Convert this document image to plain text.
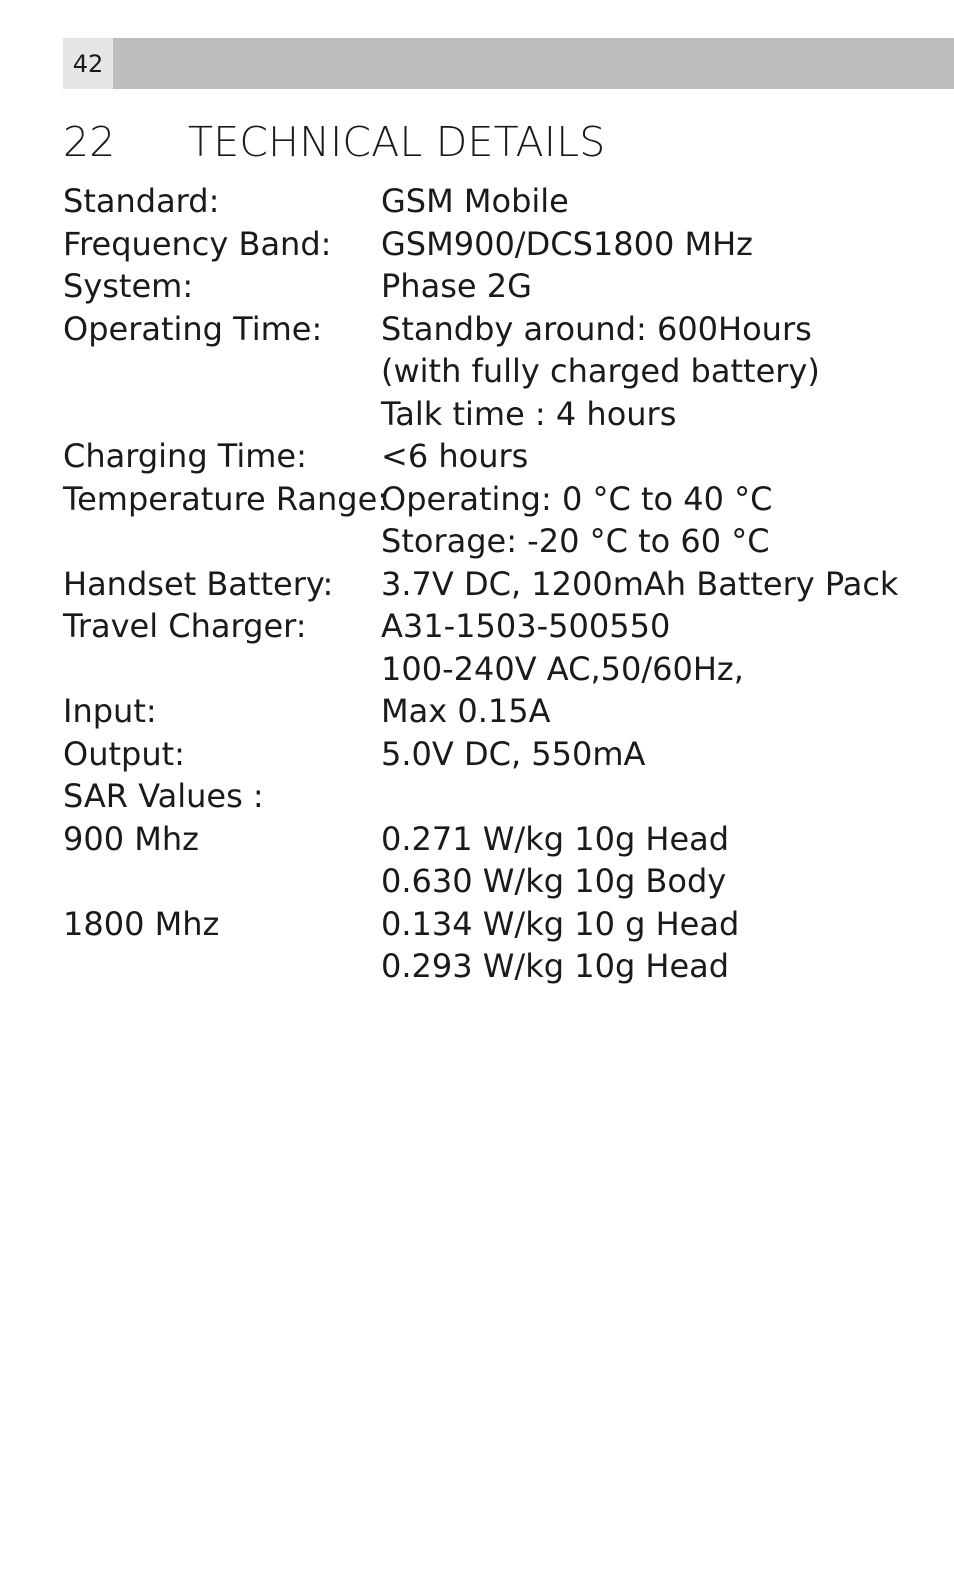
42
22 TECHNICAL DETAILS
Standard:	GSM Mobile
Frequency Band: GSM900/DCS1800 MHz
System:	Phase 2G
Operating Time: Standby around: 600Hours
(with fully charged battery)
Talk time : 4 hours
Charging Time: <6 hours
Temperature Range:
Operating: 0 °C to 40 °C
Storage: -20 °C to 60 °C
Handset Battery: 3.7V DC, 1200mAh Battery Pack
Travel Charger: A31-1503-500550
100-240V AC,50/60Hz,
Input:	Max 0.15A
Output:	5.0V DC, 550mA
SAR Values :
900 Mhz	0.271 W/kg 10g Head
0.630 W/kg 10g Body
1800 Mhz	0.134 W/kg 10 g Head
0.293 W/kg 10g Head
